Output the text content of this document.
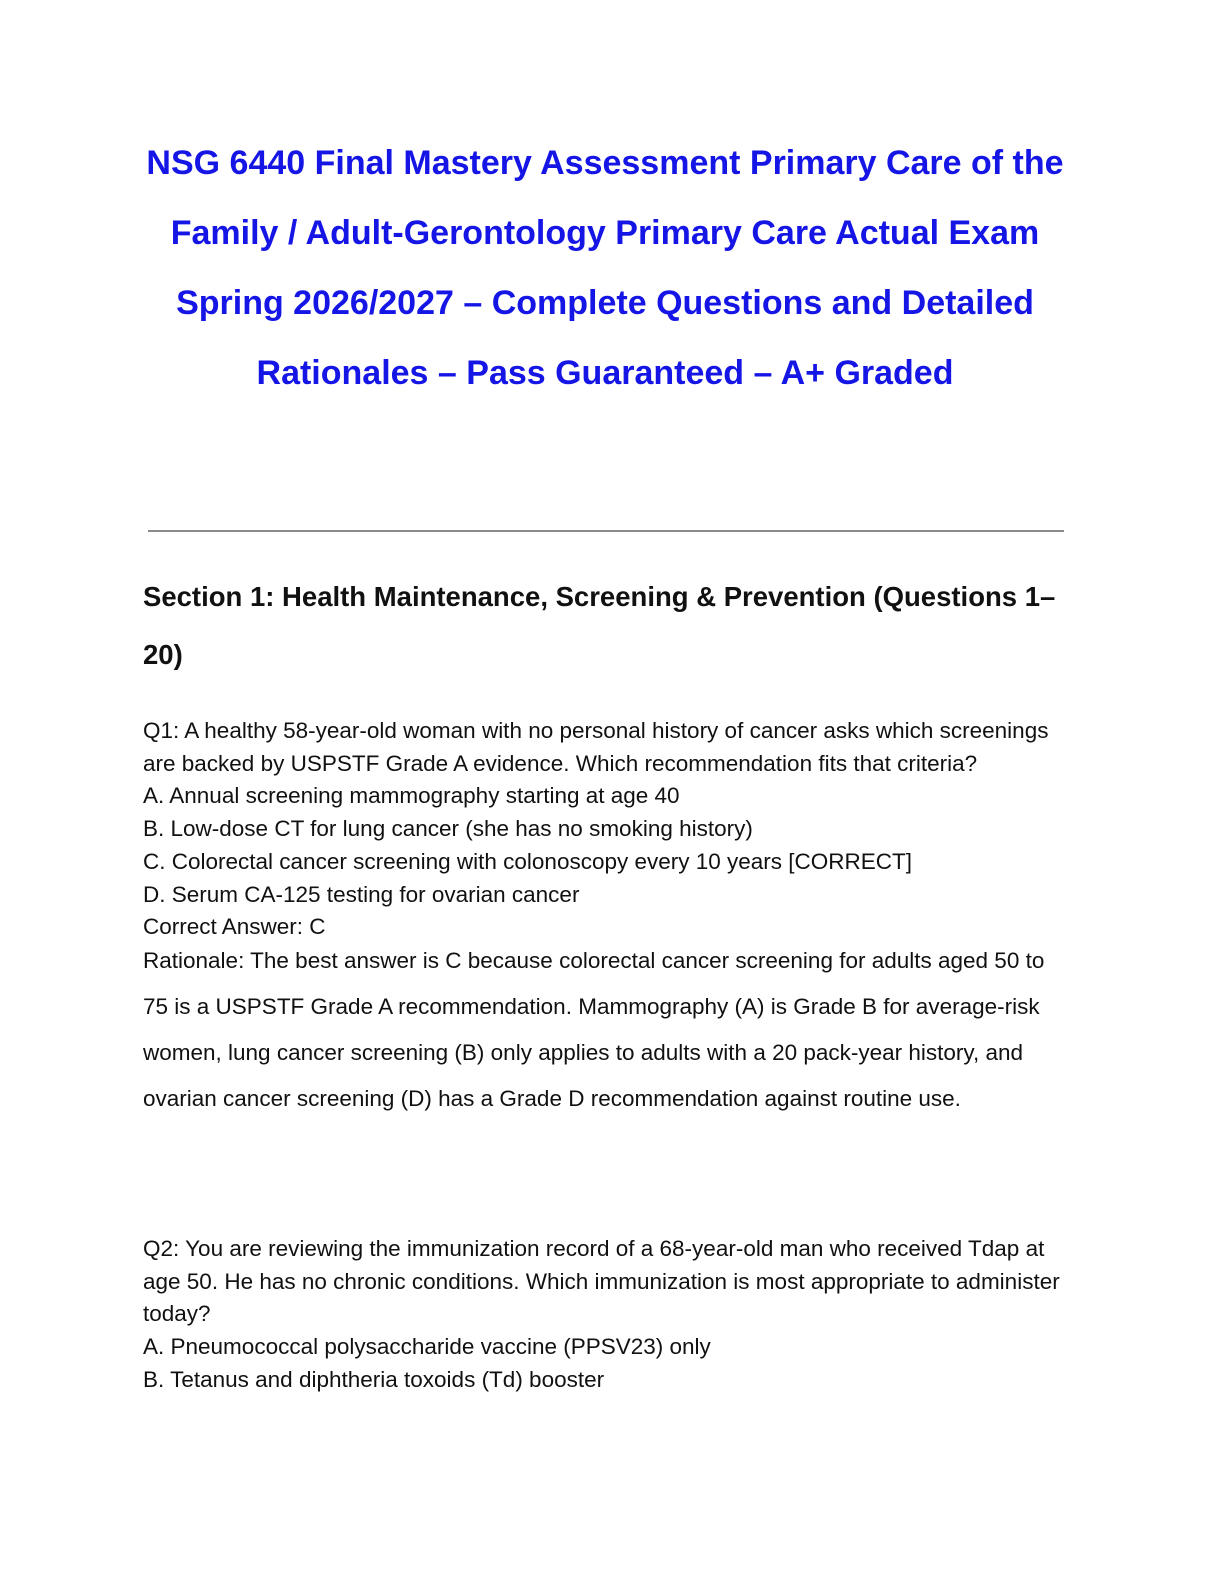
NSG 6440 Final Mastery Assessment Primary Care of the Family / Adult-Gerontology Primary Care Actual Exam Spring 2026/2027 – Complete Questions and Detailed Rationales – Pass Guaranteed – A+ Graded
Section 1: Health Maintenance, Screening & Prevention (Questions 1–20)

Q1: A healthy 58-year-old woman with no personal history of cancer asks which screenings are backed by USPSTF Grade A evidence. Which recommendation fits that criteria?

A. Annual screening mammography starting at age 40

B. Low-dose CT for lung cancer (she has no smoking history)

C. Colorectal cancer screening with colonoscopy every 10 years [CORRECT]

D. Serum CA-125 testing for ovarian cancer

Correct Answer: C

Rationale: The best answer is C because colorectal cancer screening for adults aged 50 to 75 is a USPSTF Grade A recommendation. Mammography (A) is Grade B for average-risk women, lung cancer screening (B) only applies to adults with a 20 pack-year history, and ovarian cancer screening (D) has a Grade D recommendation against routine use.

Q2: You are reviewing the immunization record of a 68-year-old man who received Tdap at age 50. He has no chronic conditions. Which immunization is most appropriate to administer today?

A. Pneumococcal polysaccharide vaccine (PPSV23) only

B. Tetanus and diphtheria toxoids (Td) booster
